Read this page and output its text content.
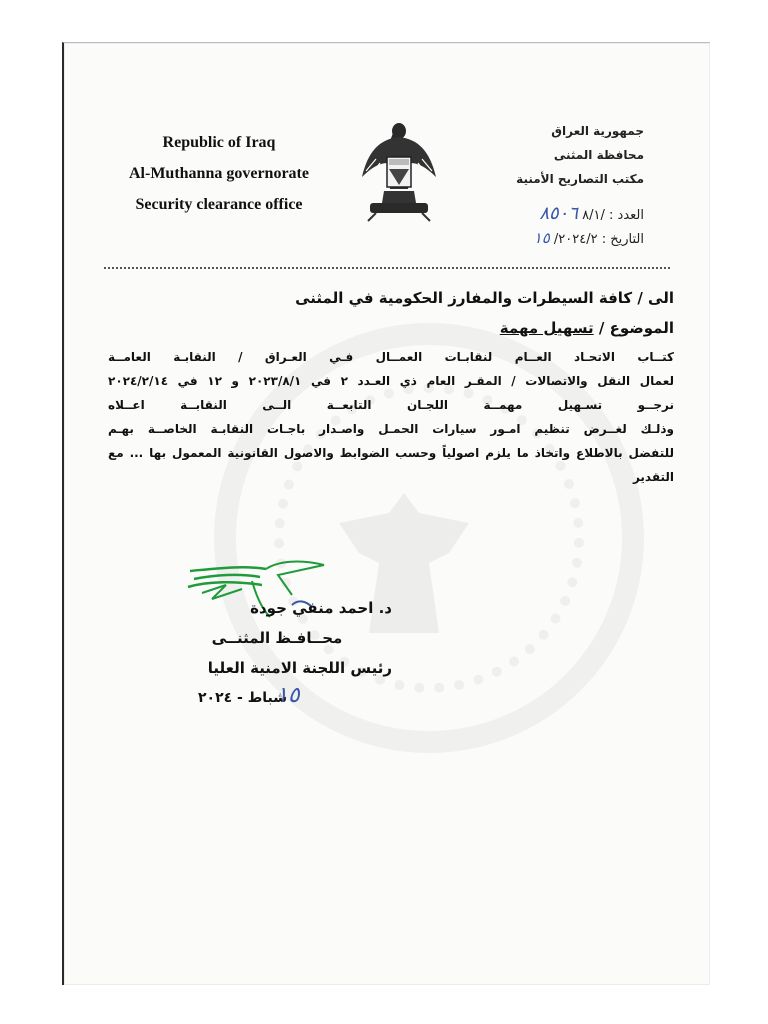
Republic of Iraq
Al-Muthanna governorate
Security clearance office
جمهورية العراق
محافظة المثنى
مكتب التصاريح الأمنية
العدد : /٨/١ ٨٥٠٦
التاريخ : ٢٠٢٤/٢/ ١٥
الى / كافة السيطرات والمفارز الحكومية في المثنى
الموضوع / تسهيل مهمة
كتــاب الاتحـاد العــام لنقابـات العمــال فـي العـراق / النقابـة العامــة
لعمال النقل والاتصالات / المقـر العام ذي العـدد ٢ في ٢٠٢٣/٨/١ و ١٢ في ٢٠٢٤/٢/١٤
نرجــو تسـهيل مهمــة اللجـان التابعــة الــى النقابــة اعــلاه
وذلـك لغــرض تنظيم امـور سيارات الحمـل واصـدار باجـات النقابـة الخاصــة بهـم
للتفضل بالاطلاع واتخاذ ما يلزم اصولياً وحسب الضوابط والاصول القانونية المعمول بها ... مع التقدير
د. احمد منفي جودة
محــافـظ المثنــى
رئيس اللجنة الامنية العليا
شباط - ٢٠٢٤
١٥
